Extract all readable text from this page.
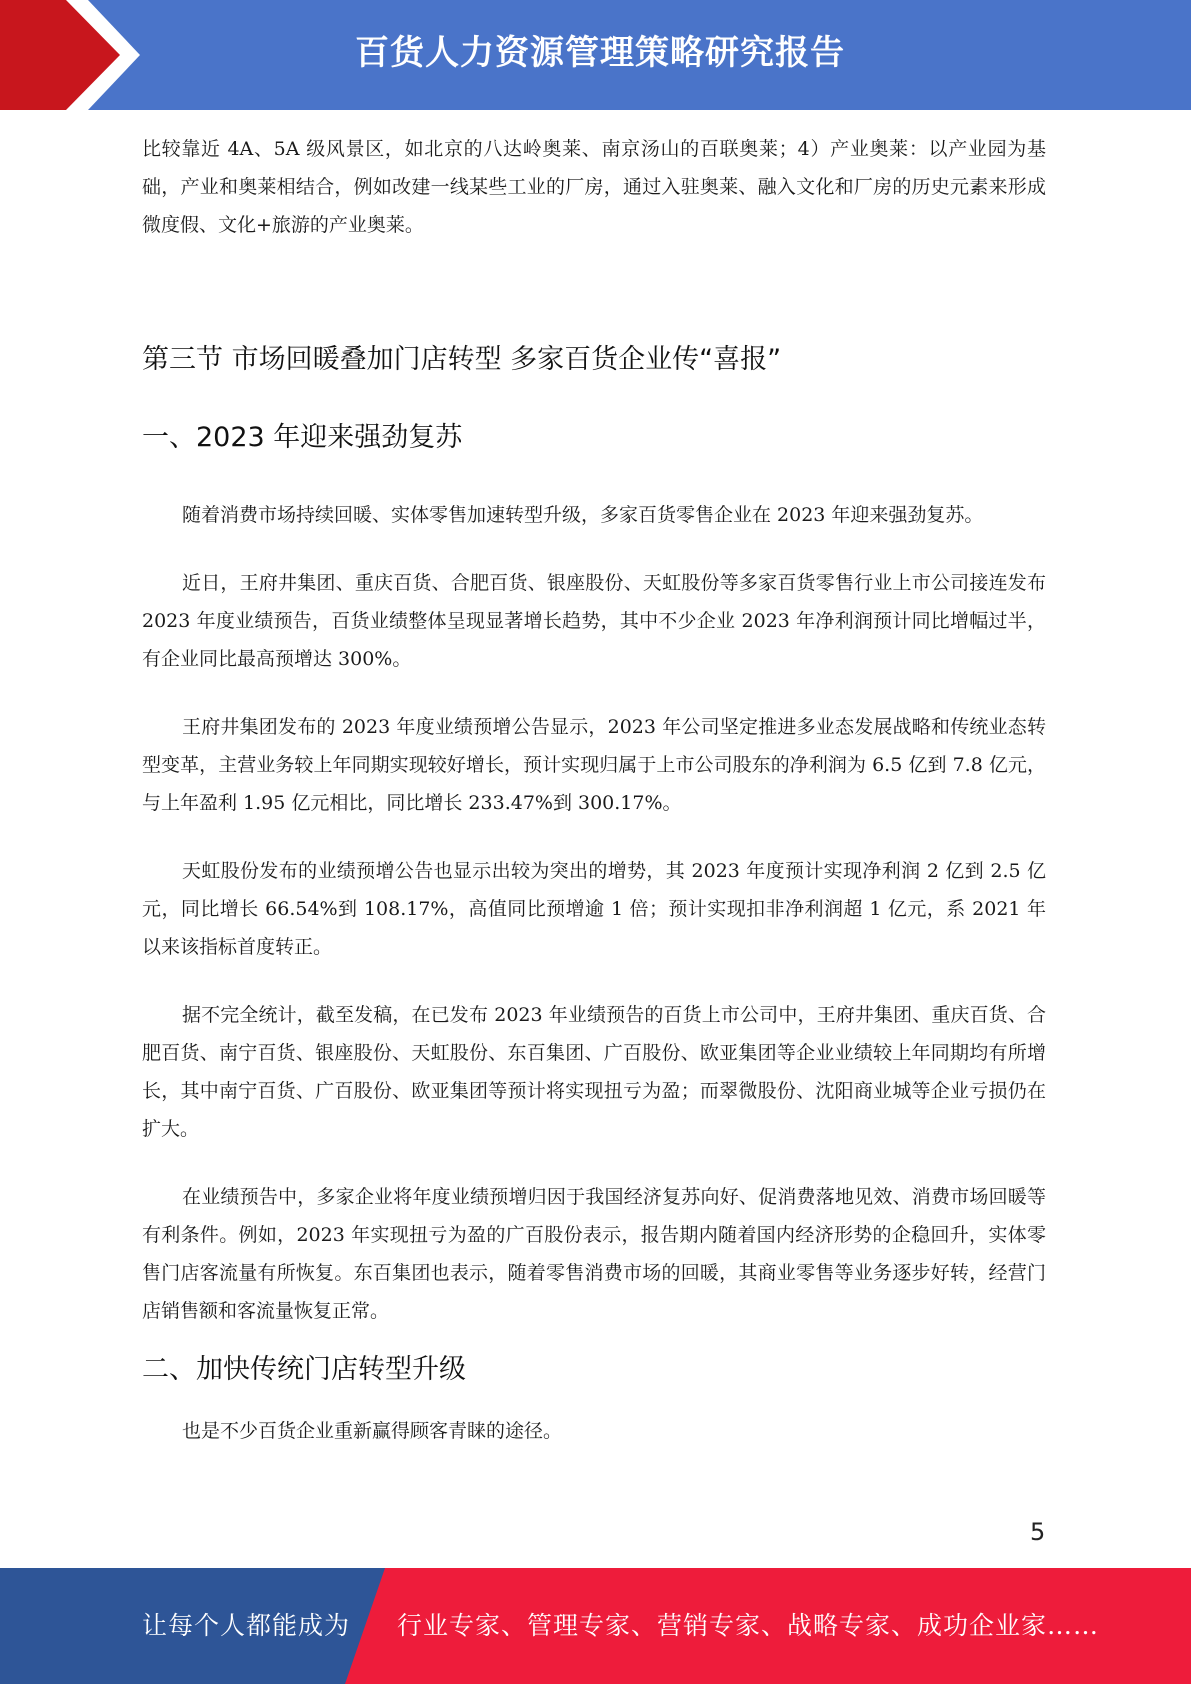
百货人力资源管理策略研究报告

比较靠近 4A、5A 级风景区，如北京的八达岭奥莱、南京汤山的百联奥莱；4）产业奥莱：以产业园为基础，产业和奥莱相结合，例如改建一线某些工业的厂房，通过入驻奥莱、融入文化和厂房的历史元素来形成微度假、文化+旅游的产业奥莱。

第三节 市场回暖叠加门店转型 多家百货企业传“喜报”
一、2023 年迎来强劲复苏

随着消费市场持续回暖、实体零售加速转型升级，多家百货零售企业在 2023 年迎来强劲复苏。

近日，王府井集团、重庆百货、合肥百货、银座股份、天虹股份等多家百货零售行业上市公司接连发布 2023 年度业绩预告，百货业绩整体呈现显著增长趋势，其中不少企业 2023 年净利润预计同比增幅过半，有企业同比最高预增达 300%。

王府井集团发布的 2023 年度业绩预增公告显示，2023 年公司坚定推进多业态发展战略和传统业态转型变革，主营业务较上年同期实现较好增长，预计实现归属于上市公司股东的净利润为 6.5 亿到 7.8 亿元，与上年盈利 1.95 亿元相比，同比增长 233.47%到 300.17%。

天虹股份发布的业绩预增公告也显示出较为突出的增势，其 2023 年度预计实现净利润 2 亿到 2.5 亿元，同比增长 66.54%到 108.17%，高值同比预增逾 1 倍；预计实现扣非净利润超 1 亿元，系 2021 年以来该指标首度转正。

据不完全统计，截至发稿，在已发布 2023 年业绩预告的百货上市公司中，王府井集团、重庆百货、合肥百货、南宁百货、银座股份、天虹股份、东百集团、广百股份、欧亚集团等企业业绩较上年同期均有所增长，其中南宁百货、广百股份、欧亚集团等预计将实现扭亏为盈；而翠微股份、沈阳商业城等企业亏损仍在扩大。

在业绩预告中，多家企业将年度业绩预增归因于我国经济复苏向好、促消费落地见效、消费市场回暖等有利条件。例如，2023 年实现扭亏为盈的广百股份表示，报告期内随着国内经济形势的企稳回升，实体零售门店客流量有所恢复。东百集团也表示，随着零售消费市场的回暖，其商业零售等业务逐步好转，经营门店销售额和客流量恢复正常。

二、加快传统门店转型升级

也是不少百货企业重新赢得顾客青睐的途径。

5
让每个人都能成为 行业专家、管理专家、营销专家、战略专家、成功企业家……
